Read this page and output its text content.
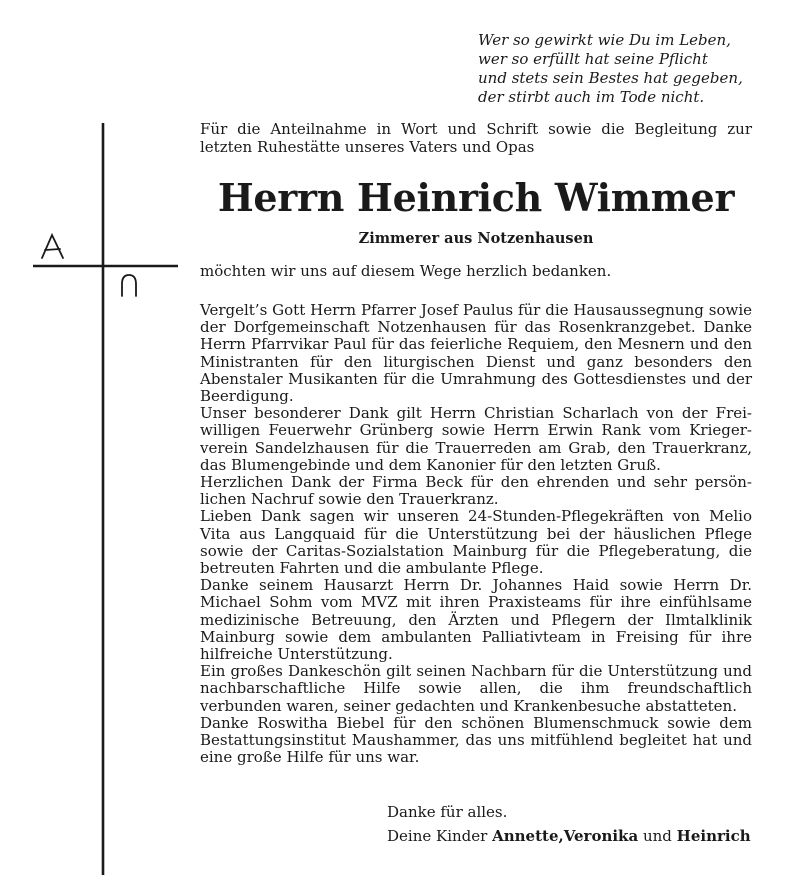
Wer so gewirkt wie Du im Leben,
wer so erfüllt hat seine Pflicht
und stets sein Bestes hat gegeben,
der stirbt auch im Tode nicht.
Für die Anteilnahme in Wort und Schrift sowie die Begleitung zur letzten Ruhestätte unseres Vaters und Opas
Herrn Heinrich Wimmer
Zimmerer aus Notzenhausen
möchten wir uns auf diesem Wege herzlich bedanken.

Vergelt’s Gott Herrn Pfarrer Josef Paulus für die Hausaussegnung sowie der Dorfgemeinschaft Notzenhausen für das Rosenkranzgebet. Danke Herrn Pfarrvikar Paul für das feierliche Requiem, den Mesnern und den Ministranten für den liturgischen Dienst und ganz besonders den Abenstaler Musikanten für die Umrahmung des Gottesdienstes und der Beerdigung.

Unser besonderer Dank gilt Herrn Christian Scharlach von der Freiwilligen Feuerwehr Grünberg sowie Herrn Erwin Rank vom Kriegerverein Sandelzhausen für die Trauerreden am Grab, den Trauerkranz, das Blumengebinde und dem Kanonier für den letzten Gruß.

Herzlichen Dank der Firma Beck für den ehrenden und sehr persönlichen Nachruf sowie den Trauerkranz.

Lieben Dank sagen wir unseren 24-Stunden-Pflegekräften von Melio Vita aus Langquaid für die Unterstützung bei der häuslichen Pflege sowie der Caritas-Sozialstation Mainburg für die Pflegeberatung, die betreuten Fahrten und die ambulante Pflege.

Danke seinem Hausarzt Herrn Dr. Johannes Haid sowie Herrn Dr. Michael Sohm vom MVZ mit ihren Praxisteams für ihre einfühlsame medizinische Betreuung, den Ärzten und Pflegern der Ilmtalklinik Mainburg sowie dem ambulanten Palliativteam in Freising für ihre hilfreiche Unterstützung.

Ein großes Dankeschön gilt seinen Nachbarn für die Unterstützung und nachbarschaftliche Hilfe sowie allen, die ihm freundschaftlich verbunden waren, seiner gedachten und Krankenbesuche abstatteten.

Danke Roswitha Biebel für den schönen Blumenschmuck sowie dem Bestattungsinstitut Maushammer, das uns mitfühlend begleitet hat und eine große Hilfe für uns war.

Danke für alles.
Deine Kinder Annette,Veronika und Heinrich
